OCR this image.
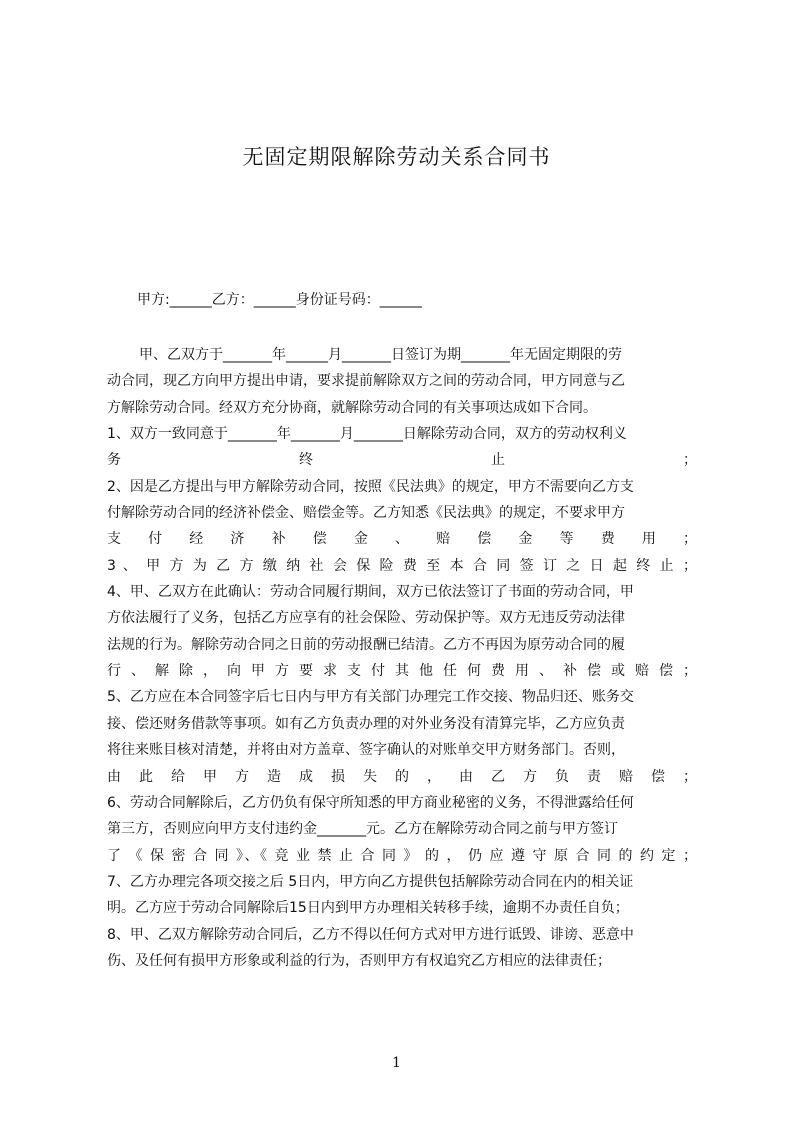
无固定期限解除劳动关系合同书
甲方:______乙方：______身份证号码：______
甲、乙双方于_______年______月_______日签订为期_______年无固定期限的劳
动合同，现乙方向甲方提出申请，要求提前解除双方之间的劳动合同，甲方同意与乙
方解除劳动合同。经双方充分协商，就解除劳动合同的有关事项达成如下合同。
1、双方一致同意于_______年_______月_______日解除劳动合同，双方的劳动权利义
务 终 止 ；
2、因是乙方提出与甲方解除劳动合同，按照《民法典》的规定，甲方不需要向乙方支
付解除劳动合同的经济补偿金、赔偿金等。乙方知悉《民法典》的规定，不要求甲方
支 付 经 济 补 偿 金 、 赔 偿 金 等 费 用 ；
3 、 甲 方 为 乙 方 缴 纳 社 会 保 险 费 至 本 合 同 签 订 之 日 起 终 止 ；
4、甲、乙双方在此确认：劳动合同履行期间，双方已依法签订了书面的劳动合同，甲
方依法履行了义务，包括乙方应享有的社会保险、劳动保护等。双方无违反劳动法律
法规的行为。解除劳动合同之日前的劳动报酬已结清。乙方不再因为原劳动合同的履
行 、 解 除 ， 向 甲 方 要 求 支 付 其 他 任 何 费 用 、 补 偿 或 赔 偿 ；
5、乙方应在本合同签字后七日内与甲方有关部门办理完工作交接、物品归还、账务交
接、偿还财务借款等事项。如有乙方负责办理的对外业务没有清算完毕，乙方应负责
将往来账目核对清楚，并将由对方盖章、签字确认的对账单交甲方财务部门。否则，
由 此 给 甲 方 造 成 损 失 的 ， 由 乙 方 负 责 赔 偿 ；
6、劳动合同解除后，乙方仍负有保守所知悉的甲方商业秘密的义务，不得泄露给任何
第三方，否则应向甲方支付违约金_______元。乙方在解除劳动合同之前与甲方签订
了 《 保 密 合 同 》、《 竞 业 禁 止 合 同 》 的 ， 仍 应 遵 守 原 合 同 的 约 定 ；
7、乙方办理完各项交接之后 5日内，甲方向乙方提供包括解除劳动合同在内的相关证
明。乙方应于劳动合同解除后15日内到甲方办理相关转移手续，逾期不办责任自负；
8、甲、乙双方解除劳动合同后，乙方不得以任何方式对甲方进行诋毁、诽谤、恶意中
伤、及任何有损甲方形象或利益的行为，否则甲方有权追究乙方相应的法律责任；
1
